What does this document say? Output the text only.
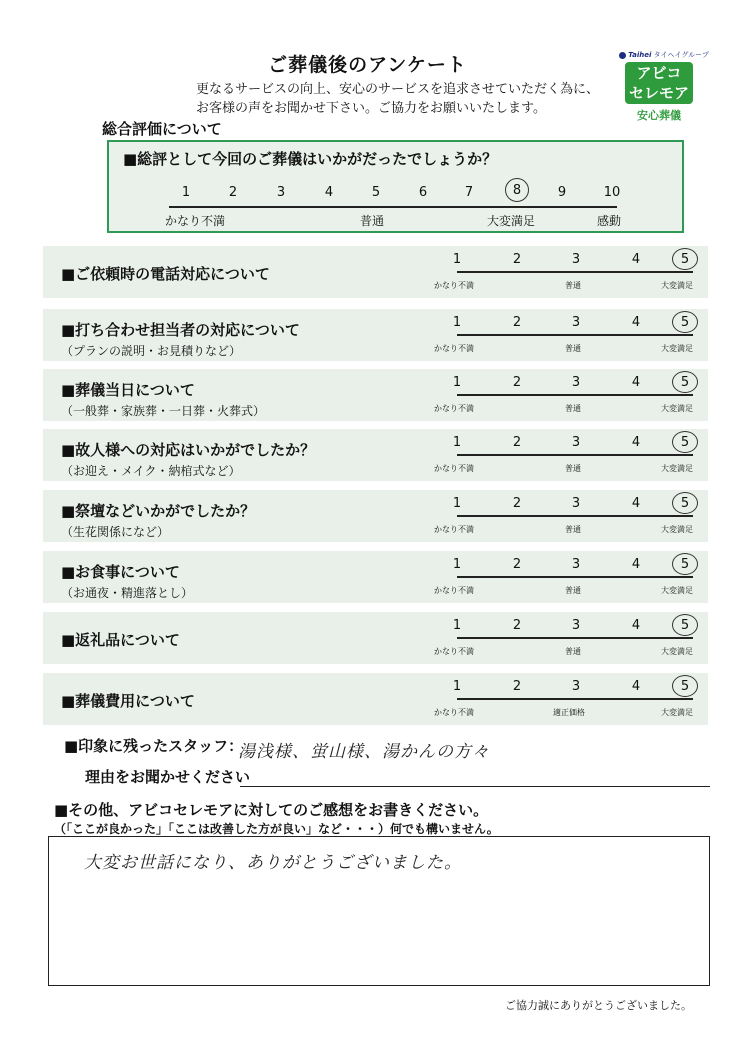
ご葬儀後のアンケート
更なるサービスの向上、安心のサービスを追求させていただく為に、
お客様の声をお聞かせ下さい。ご協力をお願いいたします。
Taihei タイヘイグループ
アビコ
セレモア
安心葬儀
総合評価について
■総評として今回のご葬儀はいかがだったでしょうか？
1	2	3	4	5	6	7	8	9	10
かなり不満	普通	大変満足	感動
■ご依頼時の電話対応について
1	2	3	4	5
かなり不満	普通	大変満足
■打ち合わせ担当者の対応について
（プランの説明・お見積りなど）
1	2	3	4	5
かなり不満	普通	大変満足
■葬儀当日について
（一般葬・家族葬・一日葬・火葬式）
1	2	3	4	5
かなり不満	普通	大変満足
■故人様への対応はいかがでしたか？
（お迎え・メイク・納棺式など）
1	2	3	4	5
かなり不満	普通	大変満足
■祭壇などいかがでしたか？
（生花関係になど）
1	2	3	4	5
かなり不満	普通	大変満足
■お食事について
（お通夜・精進落とし）
1	2	3	4	5
かなり不満	普通	大変満足
■返礼品について
1	2	3	4	5
かなり不満	普通	大変満足
■葬儀費用について
1	2	3	4	5
かなり不満	適正価格	大変満足
■印象に残ったスタッフ：
湯浅様、蛍山様、湯かんの方々
理由をお聞かせください
■その他、アビコセレモアに対してのご感想をお書きください。
（「ここが良かった」「ここは改善した方が良い」など・・・）何でも構いません。
大変お世話になり、ありがとうございました。
ご協力誠にありがとうございました。
